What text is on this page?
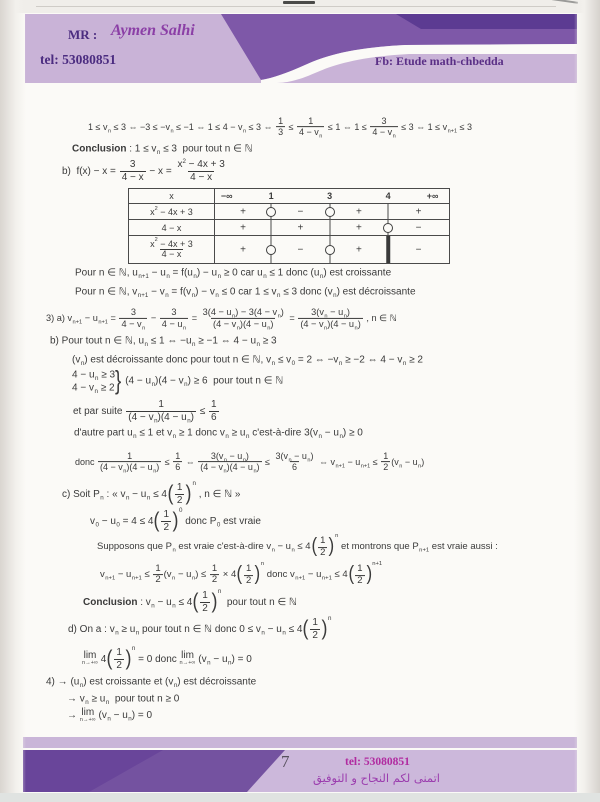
MR : Aymen Salhi
tel: 53080851	Fb: Etude math-chbedda
1 ≤ vn ≤ 3 ⇔ −3 ≤ − vn ≤ −1 ⇔ 1 ≤ 4 − vn ≤ 3 ⇔ $\frac{1}{3} \le \frac{1}{4 - vn} \le 1$ ⇔ $1 \le \frac{3}{4 - vn} \le 3$ ⇔ 1 ≤ vn+1 ≤ 3
Conclusion : 1 ≤ vn ≤ 3  pour tout n ∈ ℕ
b)  $f(x) - x = \frac{3}{4 - x} - x = \frac{x 2 - 4x + 3}{4 - x}$
Pour n ∈ ℕ, un+1 − un = f( un ) − un ≥ 0 car un ≤ 1 donc ( un ) est croissante
Pour n ∈ ℕ, vn+1 − vn = f( vn ) − vn ≤ 0 car 1 ≤ vn ≤ 3 donc ( vn ) est décroissante
3) a) $vn+1 - un+1 = \frac{3}{4 - vn} - \frac{3}{4 - un} = \frac{3(4 - un ) - 3(4 - vn )}{(4 - vn )(4 - un )} = \frac{3( vn - un )}{(4 - vn )(4 - un )}$ , n ∈ ℕ
b) Pour tout n ∈ ℕ, un ≤ 1 ⇔ − un ≥ −1 ⇔ 4 − un ≥ 3
( vn ) est décroissante donc pour tout n ∈ ℕ, vn ≤ v0 = 2 ⇔ − vn ≥ −2 ⇔ 4 − vn ≥ 2
4 − un ≥ 3
4 − vn ≥ 2 } (4 − un )(4 − vn ) ≥ 6  pour tout n ∈ ℕ
et par suite $\frac{1}{(4 - vn )(4 - un )} \le \frac{1}{6}$
d'autre part un ≤ 1 et vn ≥ 1 donc vn ≥ un c'est-à-dire 3( vn − un ) ≥ 0
donc $\frac{1}{(4 - vn )(4 - un )} \le \frac{1}{6}$ ⇔ $\frac{3( vn - un )}{(4 - vn )(4 - un )} \le \frac{3( vn - un )}{6}$ ⇔ $vn+1 - un+1 \le \frac{1}{2}$ ( vn − un )
c) Soit Pn : « vn − un ≤ 4 ( $\frac{1}{2}$ ) n
, n ∈ ℕ »
v0 − u0 = 4 ≤ 4 ( $\frac{1}{2}$ ) 0
donc P0 est vraie
Supposons que Pn est vraie c'est-à-dire vn − un ≤ 4 ( $\frac{1}{2}$ ) n
et montrons que Pn+1 est vraie aussi :
$vn+1 - un+1 \le \frac{1}{2}$ ( vn − un ) ≤ $\frac{1}{2} \times 4$ ( $\frac{1}{2}$ ) n
donc vn+1 − un+1 ≤ 4 ( $\frac{1}{2}$ ) n+1
Conclusion : vn − un ≤ 4 ( $\frac{1}{2}$ ) n
pour tout n ∈ ℕ
d) On a : vn ≥ un pour tout n ∈ ℕ donc 0 ≤ vn − un ≤ 4 ( $\frac{1}{2}$ ) n
lim
n→+∞ 4 ( $\frac{1}{2}$ ) n
= 0 donc lim
n→+∞ ( vn − un ) = 0
4) → ( un ) est croissante et ( vn ) est décroissante
→ vn ≥ un pour tout n ≥ 0
→ lim
n→+∞ ( vn − un ) = 0
x	−∞	1	3	4	+∞
x 2 − 4x + 3	+	−	+	+
4 − x	+	+	+	−
$\frac{x 2 - 4x + 3}{4 - x}$	+	−	+	−
7	tel: 53080851
اتمنى لكم النجاح و التوفيق
